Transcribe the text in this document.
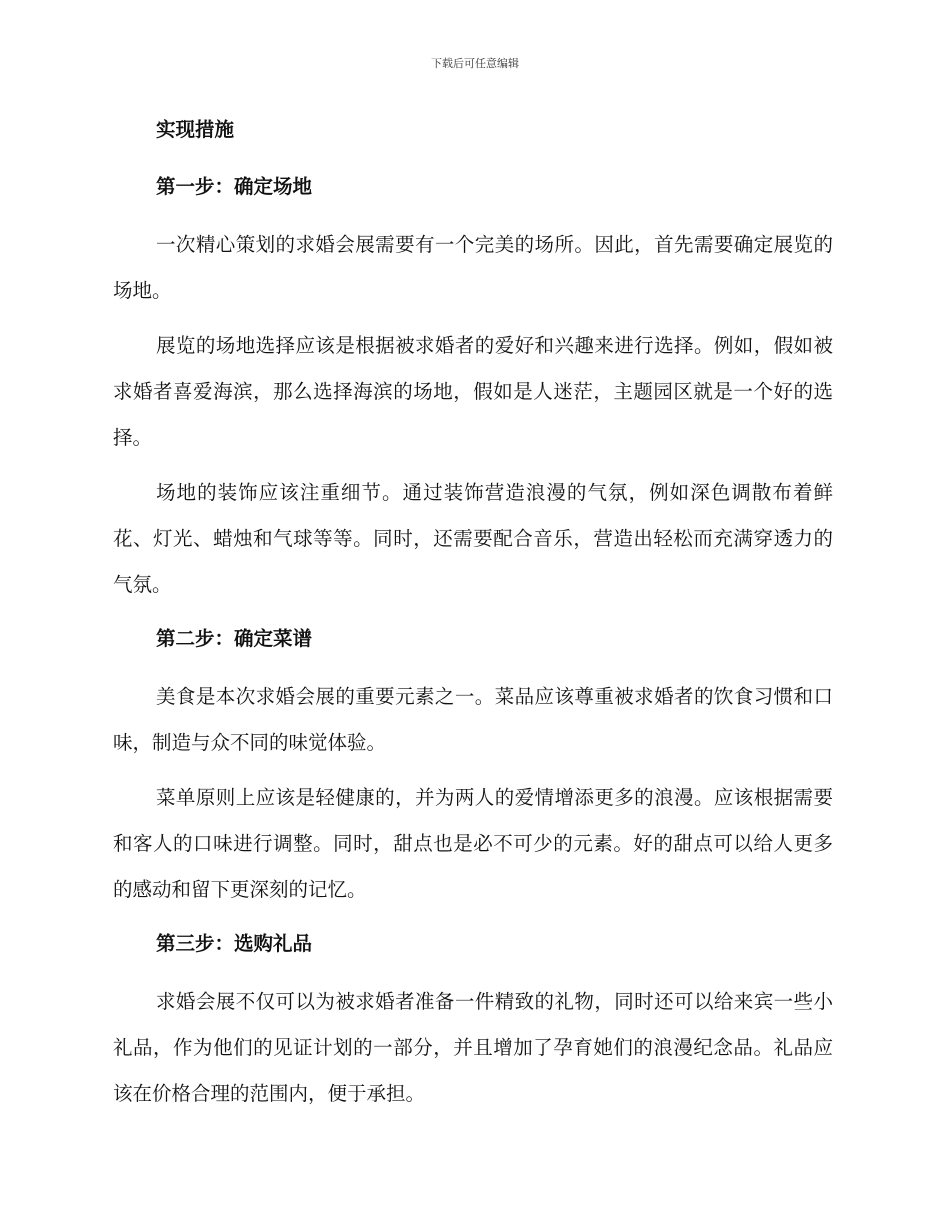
下载后可任意编辑
实现措施
第一步：确定场地

一次精心策划的求婚会展需要有一个完美的场所。因此，首先需要确定展览的场地。

展览的场地选择应该是根据被求婚者的爱好和兴趣来进行选择。例如，假如被求婚者喜爱海滨，那么选择海滨的场地，假如是人迷茫，主题园区就是一个好的选择。

场地的装饰应该注重细节。通过装饰营造浪漫的气氛，例如深色调散布着鲜花、灯光、蜡烛和气球等等。同时，还需要配合音乐，营造出轻松而充满穿透力的气氛。

第二步：确定菜谱

美食是本次求婚会展的重要元素之一。菜品应该尊重被求婚者的饮食习惯和口味，制造与众不同的味觉体验。

菜单原则上应该是轻健康的，并为两人的爱情增添更多的浪漫。应该根据需要和客人的口味进行调整。同时，甜点也是必不可少的元素。好的甜点可以给人更多的感动和留下更深刻的记忆。

第三步：选购礼品

求婚会展不仅可以为被求婚者准备一件精致的礼物，同时还可以给来宾一些小礼品，作为他们的见证计划的一部分，并且增加了孕育她们的浪漫纪念品。礼品应该在价格合理的范围内，便于承担。
